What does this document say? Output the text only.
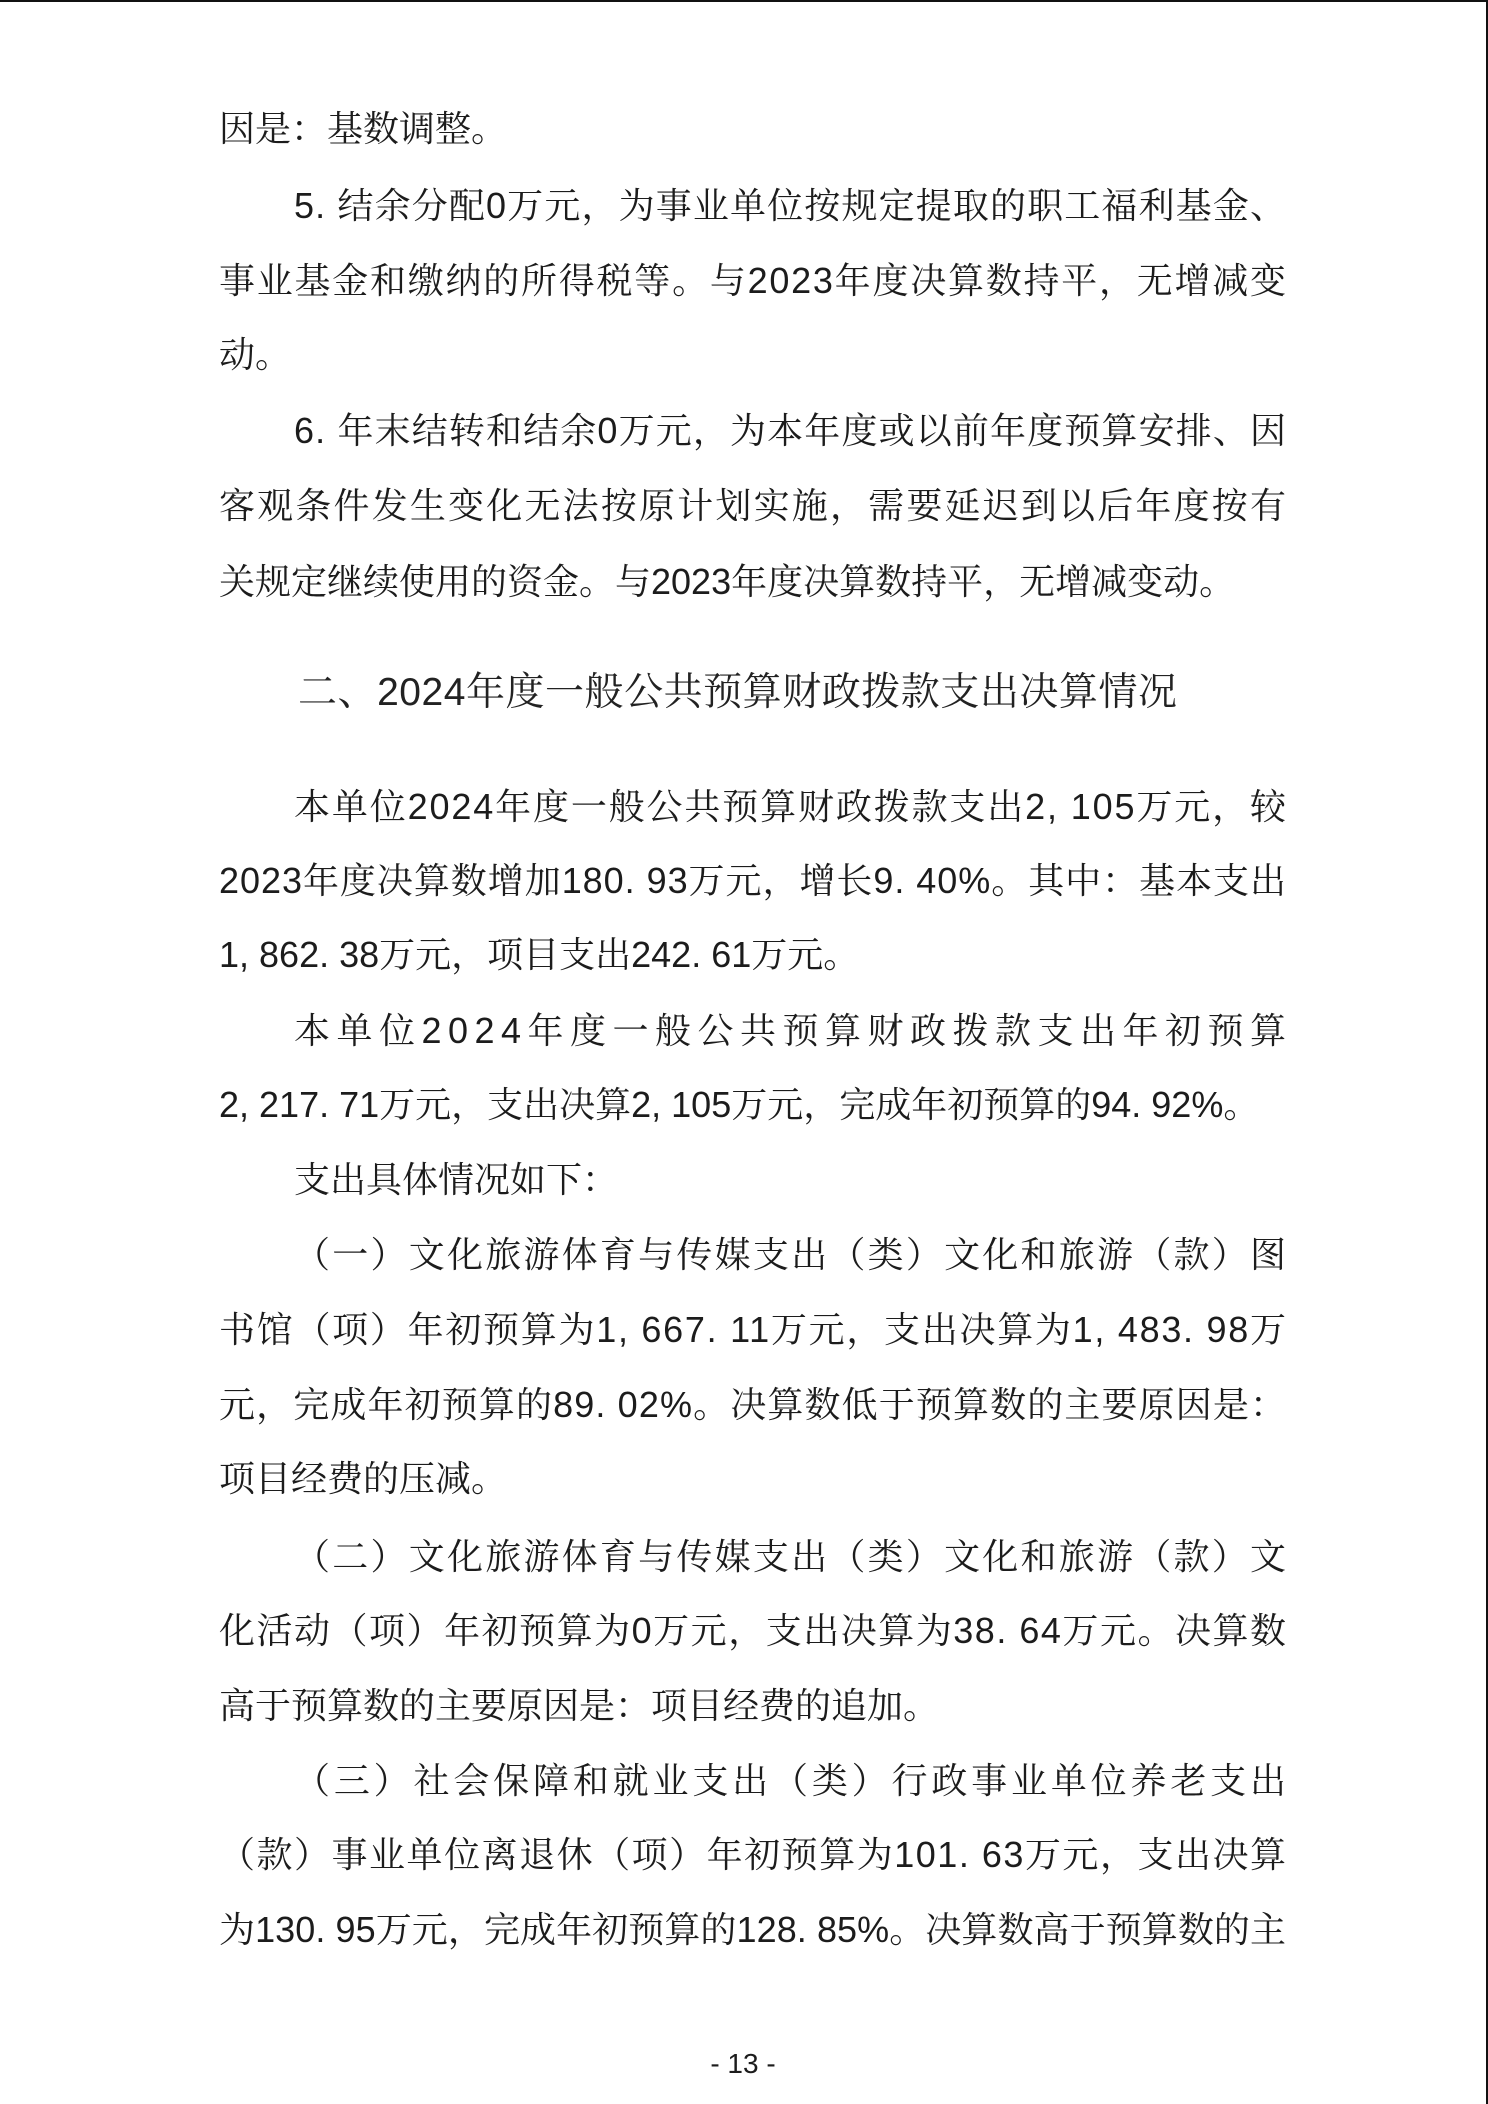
因是：基数调整。
5. 结余分配0万元，为事业单位按规定提取的职工福利基金、
事业基金和缴纳的所得税等。与2023年度决算数持平，无增减变
动。
6. 年末结转和结余0万元，为本年度或以前年度预算安排、因
客观条件发生变化无法按原计划实施，需要延迟到以后年度按有
关规定继续使用的资金。与2023年度决算数持平，无增减变动。
二、2024年度一般公共预算财政拨款支出决算情况
本单位2024年度一般公共预算财政拨款支出2, 105万元，较
2023年度决算数增加180. 93万元，增长9. 40%。其中：基本支出
1, 862. 38万元，项目支出242. 61万元。
本单位2024年度一般公共预算财政拨款支出年初预算
2, 217. 71万元，支出决算2, 105万元，完成年初预算的94. 92%。
支出具体情况如下：
（一）文化旅游体育与传媒支出（类）文化和旅游（款）图
书馆（项）年初预算为1, 667. 11万元，支出决算为1, 483. 98万
元，完成年初预算的89. 02%。决算数低于预算数的主要原因是：
项目经费的压减。
（二）文化旅游体育与传媒支出（类）文化和旅游（款）文
化活动（项）年初预算为0万元，支出决算为38. 64万元。决算数
高于预算数的主要原因是：项目经费的追加。
（三）社会保障和就业支出（类）行政事业单位养老支出
（款）事业单位离退休（项）年初预算为101. 63万元，支出决算
为130. 95万元，完成年初预算的128. 85%。决算数高于预算数的主
- 13 -
